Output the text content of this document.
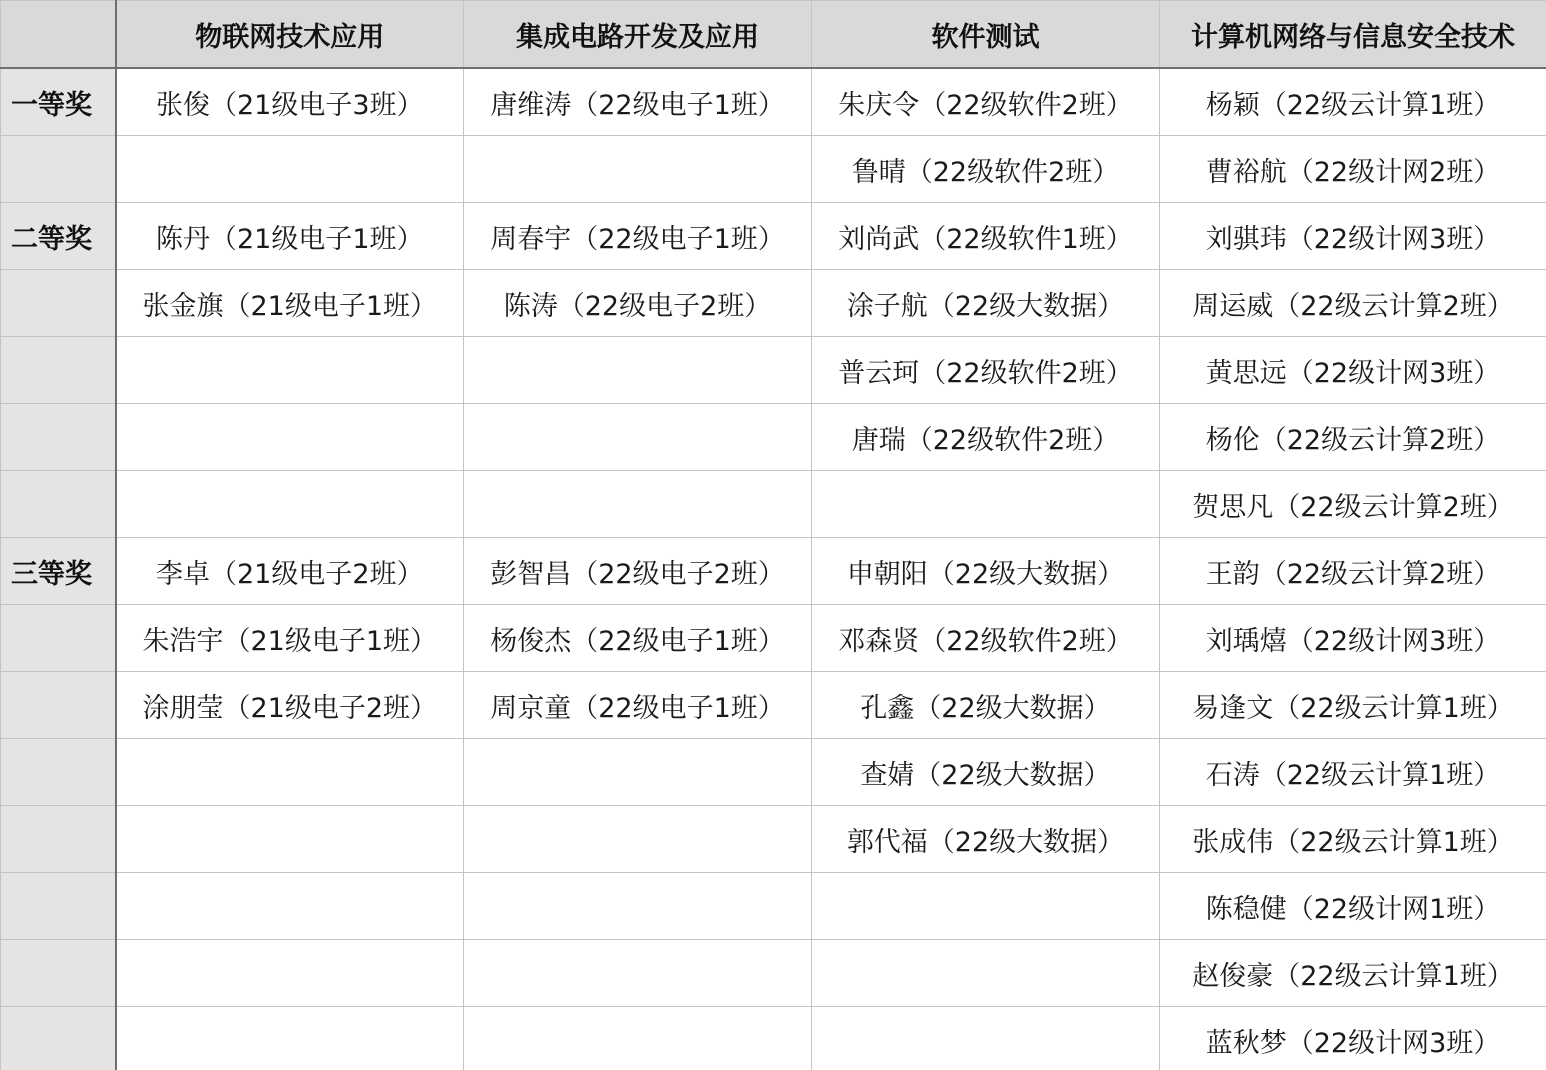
	物联网技术应用	集成电路开发及应用	软件测试	计算机网络与信息安全技术
一等奖	张俊（21级电子3班）	唐维涛（22级电子1班）	朱庆令（22级软件2班）	杨颖（22级云计算1班）
			鲁晴（22级软件2班）	曹裕航（22级计网2班）
二等奖	陈丹（21级电子1班）	周春宇（22级电子1班）	刘尚武（22级软件1班）	刘骐玮（22级计网3班）
	张金旗（21级电子1班）	陈涛（22级电子2班）	涂子航（22级大数据）	周运威（22级云计算2班）
			普云珂（22级软件2班）	黄思远（22级计网3班）
			唐瑞（22级软件2班）	杨伦（22级云计算2班）
				贺思凡（22级云计算2班）
三等奖	李卓（21级电子2班）	彭智昌（22级电子2班）	申朝阳（22级大数据）	王韵（22级云计算2班）
	朱浩宇（21级电子1班）	杨俊杰（22级电子1班）	邓森贤（22级软件2班）	刘瑀熺（22级计网3班）
	涂朋莹（21级电子2班）	周京童（22级电子1班）	孔鑫（22级大数据）	易逢文（22级云计算1班）
			查婧（22级大数据）	石涛（22级云计算1班）
			郭代福（22级大数据）	张成伟（22级云计算1班）
				陈稳健（22级计网1班）
				赵俊豪（22级云计算1班）
				蓝秋梦（22级计网3班）
